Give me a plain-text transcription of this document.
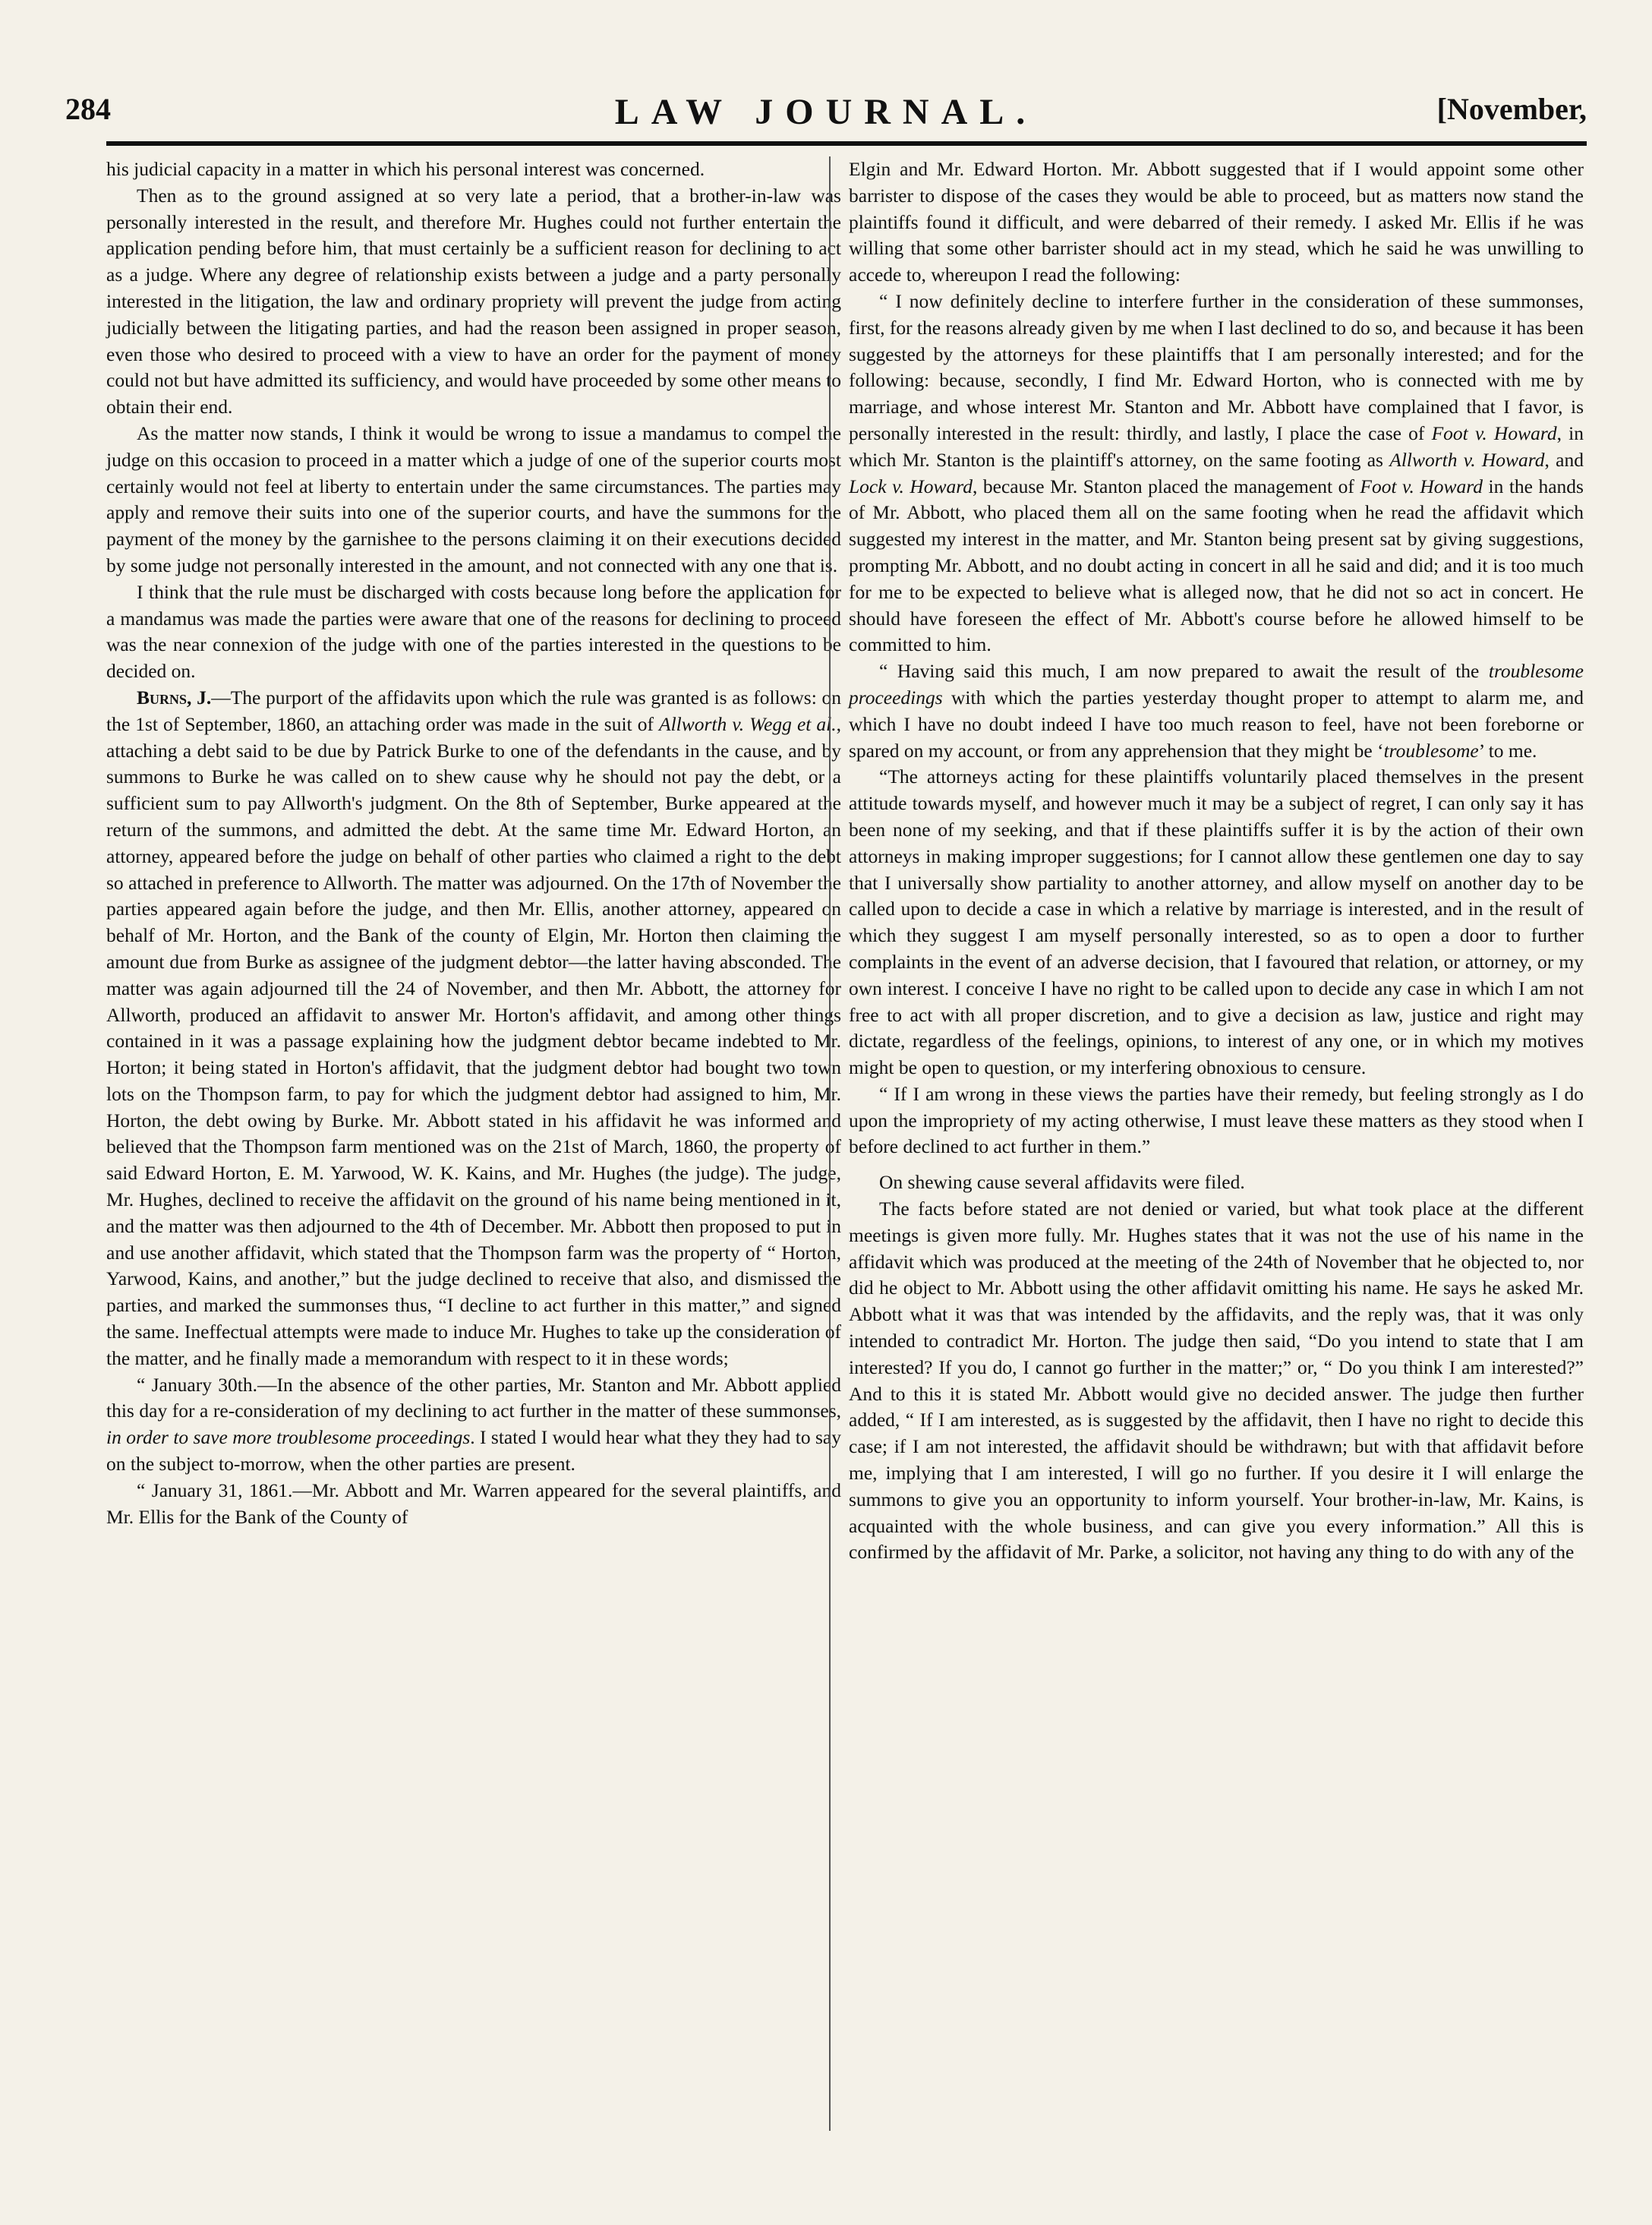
284	LAW JOURNAL.	[November,

his judicial capacity in a matter in which his personal interest was concerned.

Then as to the ground assigned at so very late a period, that a brother-in-law was personally interested in the result, and therefore Mr. Hughes could not further entertain the application pending before him, that must certainly be a sufficient reason for declining to act as a judge. Where any degree of relationship exists between a judge and a party personally interested in the litigation, the law and ordinary propriety will prevent the judge from acting judicially between the litigating parties, and had the reason been assigned in proper season, even those who desired to proceed with a view to have an order for the payment of money could not but have admitted its sufficiency, and would have proceeded by some other means to obtain their end.

As the matter now stands, I think it would be wrong to issue a mandamus to compel the judge on this occasion to proceed in a matter which a judge of one of the superior courts most certainly would not feel at liberty to entertain under the same circumstances. The parties may apply and remove their suits into one of the superior courts, and have the summons for the payment of the money by the garnishee to the persons claiming it on their executions decided by some judge not personally interested in the amount, and not connected with any one that is.

I think that the rule must be discharged with costs because long before the application for a mandamus was made the parties were aware that one of the reasons for declining to proceed was the near connexion of the judge with one of the parties interested in the questions to be decided on.

Burns, J.—The purport of the affidavits upon which the rule was granted is as follows: on the 1st of September, 1860, an attaching order was made in the suit of Allworth v. Wegg et al., attaching a debt said to be due by Patrick Burke to one of the defendants in the cause, and by summons to Burke he was called on to shew cause why he should not pay the debt, or a sufficient sum to pay Allworth's judgment. On the 8th of September, Burke appeared at the return of the summons, and admitted the debt. At the same time Mr. Edward Horton, an attorney, appeared before the judge on behalf of other parties who claimed a right to the debt so attached in preference to Allworth. The matter was adjourned. On the 17th of November the parties appeared again before the judge, and then Mr. Ellis, another attorney, appeared on behalf of Mr. Horton, and the Bank of the county of Elgin, Mr. Horton then claiming the amount due from Burke as assignee of the judgment debtor—the latter having absconded. The matter was again adjourned till the 24 of November, and then Mr. Abbott, the attorney for Allworth, produced an affidavit to answer Mr. Horton's affidavit, and among other things contained in it was a passage explaining how the judgment debtor became indebted to Mr. Horton; it being stated in Horton's affidavit, that the judgment debtor had bought two town lots on the Thompson farm, to pay for which the judgment debtor had assigned to him, Mr. Horton, the debt owing by Burke. Mr. Abbott stated in his affidavit he was informed and believed that the Thompson farm mentioned was on the 21st of March, 1860, the property of said Edward Horton, E. M. Yarwood, W. K. Kains, and Mr. Hughes (the judge). The judge, Mr. Hughes, declined to receive the affidavit on the ground of his name being mentioned in it, and the matter was then adjourned to the 4th of December. Mr. Abbott then proposed to put in and use another affidavit, which stated that the Thompson farm was the property of “ Horton, Yarwood, Kains, and another,” but the judge declined to receive that also, and dismissed the parties, and marked the summonses thus, “I decline to act further in this matter,” and signed the same. Ineffectual attempts were made to induce Mr. Hughes to take up the consideration of the matter, and he finally made a memorandum with respect to it in these words;

“ January 30th.—In the absence of the other parties, Mr. Stanton and Mr. Abbott applied this day for a re-consideration of my declining to act further in the matter of these summonses, in order to save more troublesome proceedings. I stated I would hear what they they had to say on the subject to-morrow, when the other parties are present.

“ January 31, 1861.—Mr. Abbott and Mr. Warren appeared for the several plaintiffs, and Mr. Ellis for the Bank of the County of

Elgin and Mr. Edward Horton. Mr. Abbott suggested that if I would appoint some other barrister to dispose of the cases they would be able to proceed, but as matters now stand the plaintiffs found it difficult, and were debarred of their remedy. I asked Mr. Ellis if he was willing that some other barrister should act in my stead, which he said he was unwilling to accede to, whereupon I read the following:

“ I now definitely decline to interfere further in the consideration of these summonses, first, for the reasons already given by me when I last declined to do so, and because it has been suggested by the attorneys for these plaintiffs that I am personally interested; and for the following: because, secondly, I find Mr. Edward Horton, who is connected with me by marriage, and whose interest Mr. Stanton and Mr. Abbott have complained that I favor, is personally interested in the result: thirdly, and lastly, I place the case of Foot v. Howard, in which Mr. Stanton is the plaintiff's attorney, on the same footing as Allworth v. Howard, and Lock v. Howard, because Mr. Stanton placed the management of Foot v. Howard in the hands of Mr. Abbott, who placed them all on the same footing when he read the affidavit which suggested my interest in the matter, and Mr. Stanton being present sat by giving suggestions, prompting Mr. Abbott, and no doubt acting in concert in all he said and did; and it is too much for me to be expected to believe what is alleged now, that he did not so act in concert. He should have foreseen the effect of Mr. Abbott's course before he allowed himself to be committed to him.

“ Having said this much, I am now prepared to await the result of the troublesome proceedings with which the parties yesterday thought proper to attempt to alarm me, and which I have no doubt indeed I have too much reason to feel, have not been foreborne or spared on my account, or from any apprehension that they might be ‘troublesome’ to me.

“The attorneys acting for these plaintiffs voluntarily placed themselves in the present attitude towards myself, and however much it may be a subject of regret, I can only say it has been none of my seeking, and that if these plaintiffs suffer it is by the action of their own attorneys in making improper suggestions; for I cannot allow these gentlemen one day to say that I universally show partiality to another attorney, and allow myself on another day to be called upon to decide a case in which a relative by marriage is interested, and in the result of which they suggest I am myself personally interested, so as to open a door to further complaints in the event of an adverse decision, that I favoured that relation, or attorney, or my own interest. I conceive I have no right to be called upon to decide any case in which I am not free to act with all proper discretion, and to give a decision as law, justice and right may dictate, regardless of the feelings, opinions, to interest of any one, or in which my motives might be open to question, or my interfering obnoxious to censure.

“ If I am wrong in these views the parties have their remedy, but feeling strongly as I do upon the impropriety of my acting otherwise, I must leave these matters as they stood when I before declined to act further in them.”

On shewing cause several affidavits were filed.

The facts before stated are not denied or varied, but what took place at the different meetings is given more fully. Mr. Hughes states that it was not the use of his name in the affidavit which was produced at the meeting of the 24th of November that he objected to, nor did he object to Mr. Abbott using the other affidavit omitting his name. He says he asked Mr. Abbott what it was that was intended by the affidavits, and the reply was, that it was only intended to contradict Mr. Horton. The judge then said, “Do you intend to state that I am interested? If you do, I cannot go further in the matter;” or, “ Do you think I am interested?” And to this it is stated Mr. Abbott would give no decided answer. The judge then further added, “ If I am interested, as is suggested by the affidavit, then I have no right to decide this case; if I am not interested, the affidavit should be withdrawn; but with that affidavit before me, implying that I am interested, I will go no further. If you desire it I will enlarge the summons to give you an opportunity to inform yourself. Your brother-in-law, Mr. Kains, is acquainted with the whole business, and can give you every information.” All this is confirmed by the affidavit of Mr. Parke, a solicitor, not having any thing to do with any of the
